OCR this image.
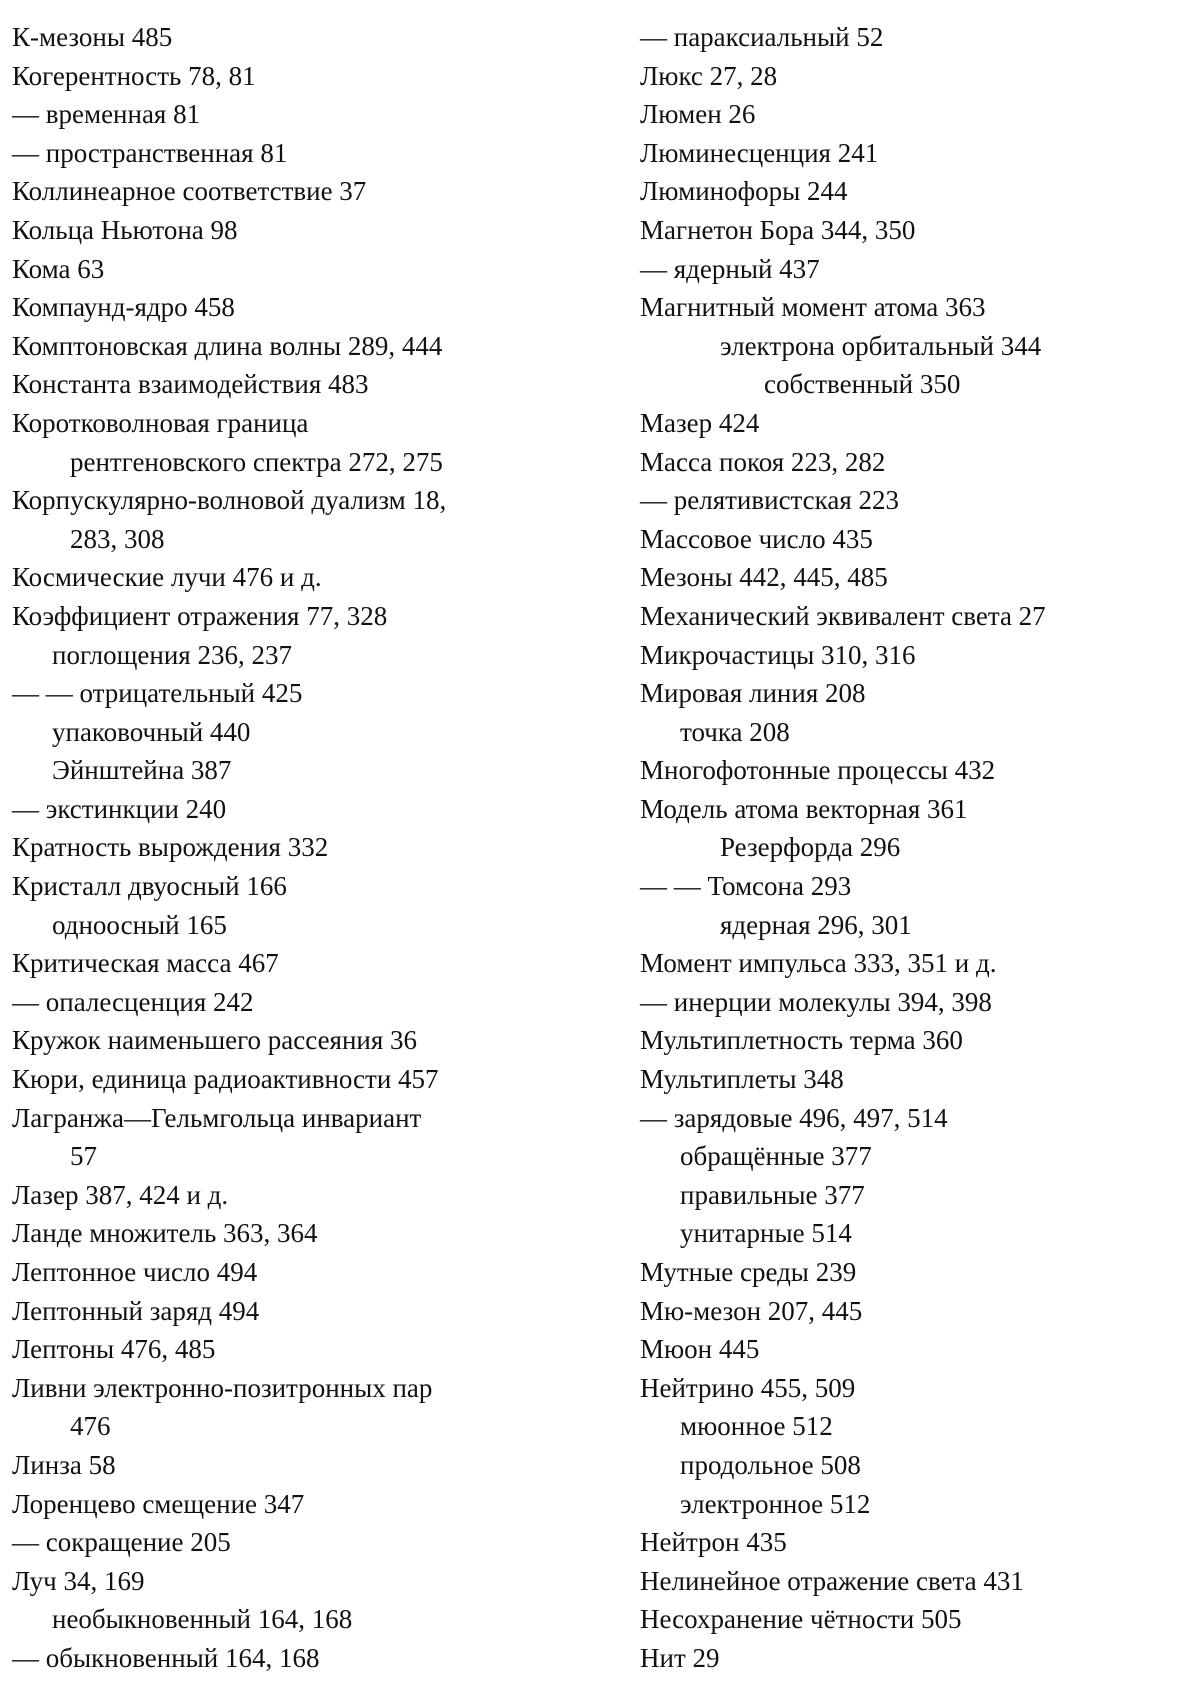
К-мезоны 485
Когерентность 78, 81
— временная 81
— пространственная 81
Коллинеарное соответствие 37
Кольца Ньютона 98
Кома 63
Компаунд-ядро 458
Комптоновская длина волны 289, 444
Константа взаимодействия 483
Коротковолновая граница
рентгеновского спектра 272, 275
Корпускулярно-волновой дуализм 18,
283, 308
Космические лучи 476 и д.
Коэффициент отражения 77, 328
поглощения 236, 237
— — отрицательный 425
упаковочный 440
Эйнштейна 387
— экстинкции 240
Кратность вырождения 332
Кристалл двуосный 166
одноосный 165
Критическая масса 467
— опалесценция 242
Кружок наименьшего рассеяния 36
Кюри, единица радиоактивности 457
Лагранжа—Гельмгольца инвариант
57
Лазер 387, 424 и д.
Ланде множитель 363, 364
Лептонное число 494
Лептонный заряд 494
Лептоны 476, 485
Ливни электронно-позитронных пар
476
Линза 58
Лоренцево смещение 347
— сокращение 205
Луч 34, 169
необыкновенный 164, 168
— обыкновенный 164, 168
— параксиальный 52
Люкс 27, 28
Люмен 26
Люминесценция 241
Люминофоры 244
Магнетон Бора 344, 350
— ядерный 437
Магнитный момент атома 363
электрона орбитальный 344
собственный 350
Мазер 424
Масса покоя 223, 282
— релятивистская 223
Массовое число 435
Мезоны 442, 445, 485
Механический эквивалент света 27
Микрочастицы 310, 316
Мировая линия 208
точка 208
Многофотонные процессы 432
Модель атома векторная 361
Резерфорда 296
— — Томсона 293
ядерная 296, 301
Момент импульса 333, 351 и д.
— инерции молекулы 394, 398
Мультиплетность терма 360
Мультиплеты 348
— зарядовые 496, 497, 514
обращённые 377
правильные 377
унитарные 514
Мутные среды 239
Мю-мезон 207, 445
Мюон 445
Нейтрино 455, 509
мюонное 512
продольное 508
электронное 512
Нейтрон 435
Нелинейное отражение света 431
Несохранение чётности 505
Нит 29
